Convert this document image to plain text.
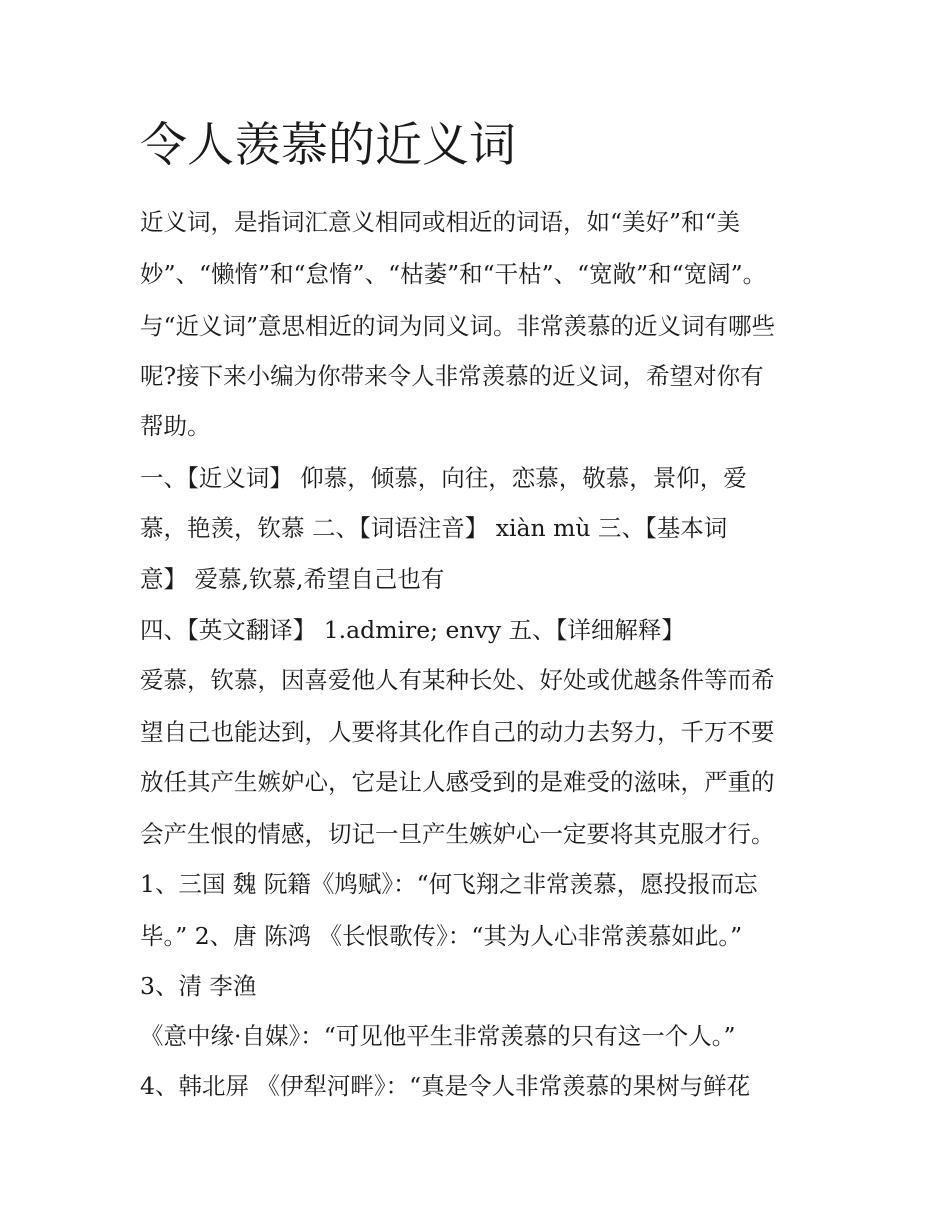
令人羡慕的近义词

近义词，是指词汇意义相同或相近的词语，如“美好”和“美

妙”、“懒惰”和“怠惰”、“枯萎”和“干枯”、“宽敞”和“宽阔”。

与“近义词”意思相近的词为同义词。非常羡慕的近义词有哪些

呢?接下来小编为你带来令人非常羡慕的近义词，希望对你有

帮助。

一、【近义词】 仰慕，倾慕，向往，恋慕，敬慕，景仰，爱

慕，艳羡，钦慕 二、【词语注音】 xiàn mù 三、【基本词

意】 爱慕,钦慕,希望自己也有

四、【英文翻译】 1.admire; envy 五、【详细解释】

爱慕，钦慕，因喜爱他人有某种长处、好处或优越条件等而希

望自己也能达到，人要将其化作自己的动力去努力，千万不要

放任其产生嫉妒心，它是让人感受到的是难受的滋味，严重的

会产生恨的情感，切记一旦产生嫉妒心一定要将其克服才行。

1、三国 魏 阮籍《鸠赋》：“何飞翔之非常羡慕，愿投报而忘

毕。” 2、唐 陈鸿 《长恨歌传》：“其为人心非常羡慕如此。”

3、清 李渔

《意中缘·自媒》：“可见他平生非常羡慕的只有这一个人。”

4、韩北屏 《伊犁河畔》：“真是令人非常羡慕的果树与鲜花
